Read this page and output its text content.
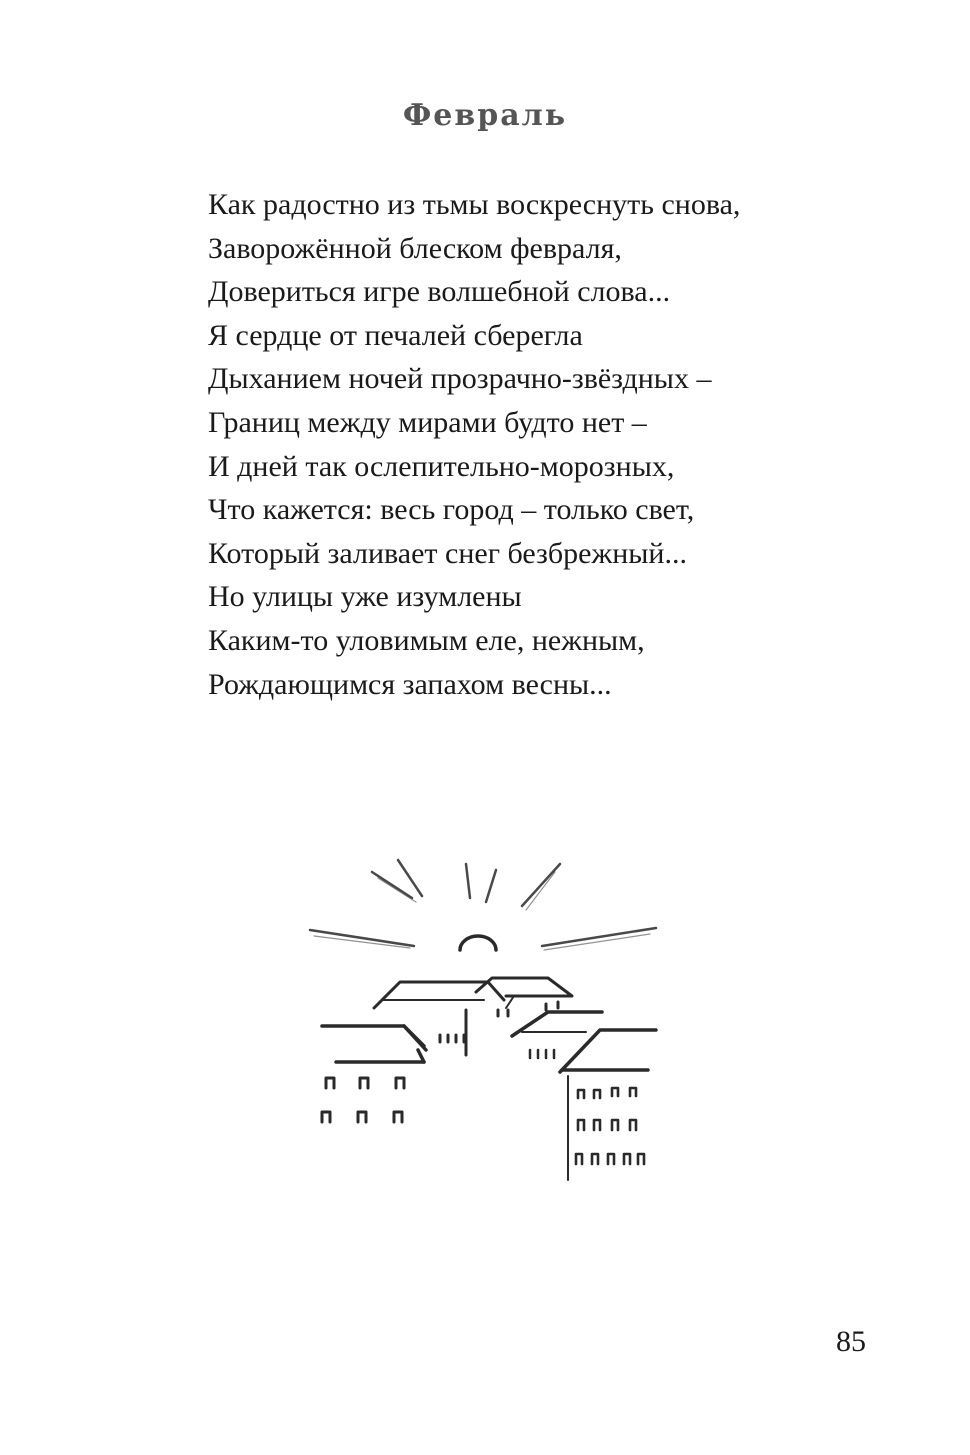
Февраль
Как радостно из тьмы воскреснуть снова,
Заворожённой блеском февраля,
Довериться игре волшебной слова...
Я сердце от печалей сберегла
Дыханием ночей прозрачно-звёздных –
Границ между мирами будто нет –
И дней так ослепительно-морозных,
Что кажется: весь город – только свет,
Который заливает снег безбрежный...
Но улицы уже изумлены
Каким-то уловимым еле, нежным,
Рождающимся запахом весны...
85
